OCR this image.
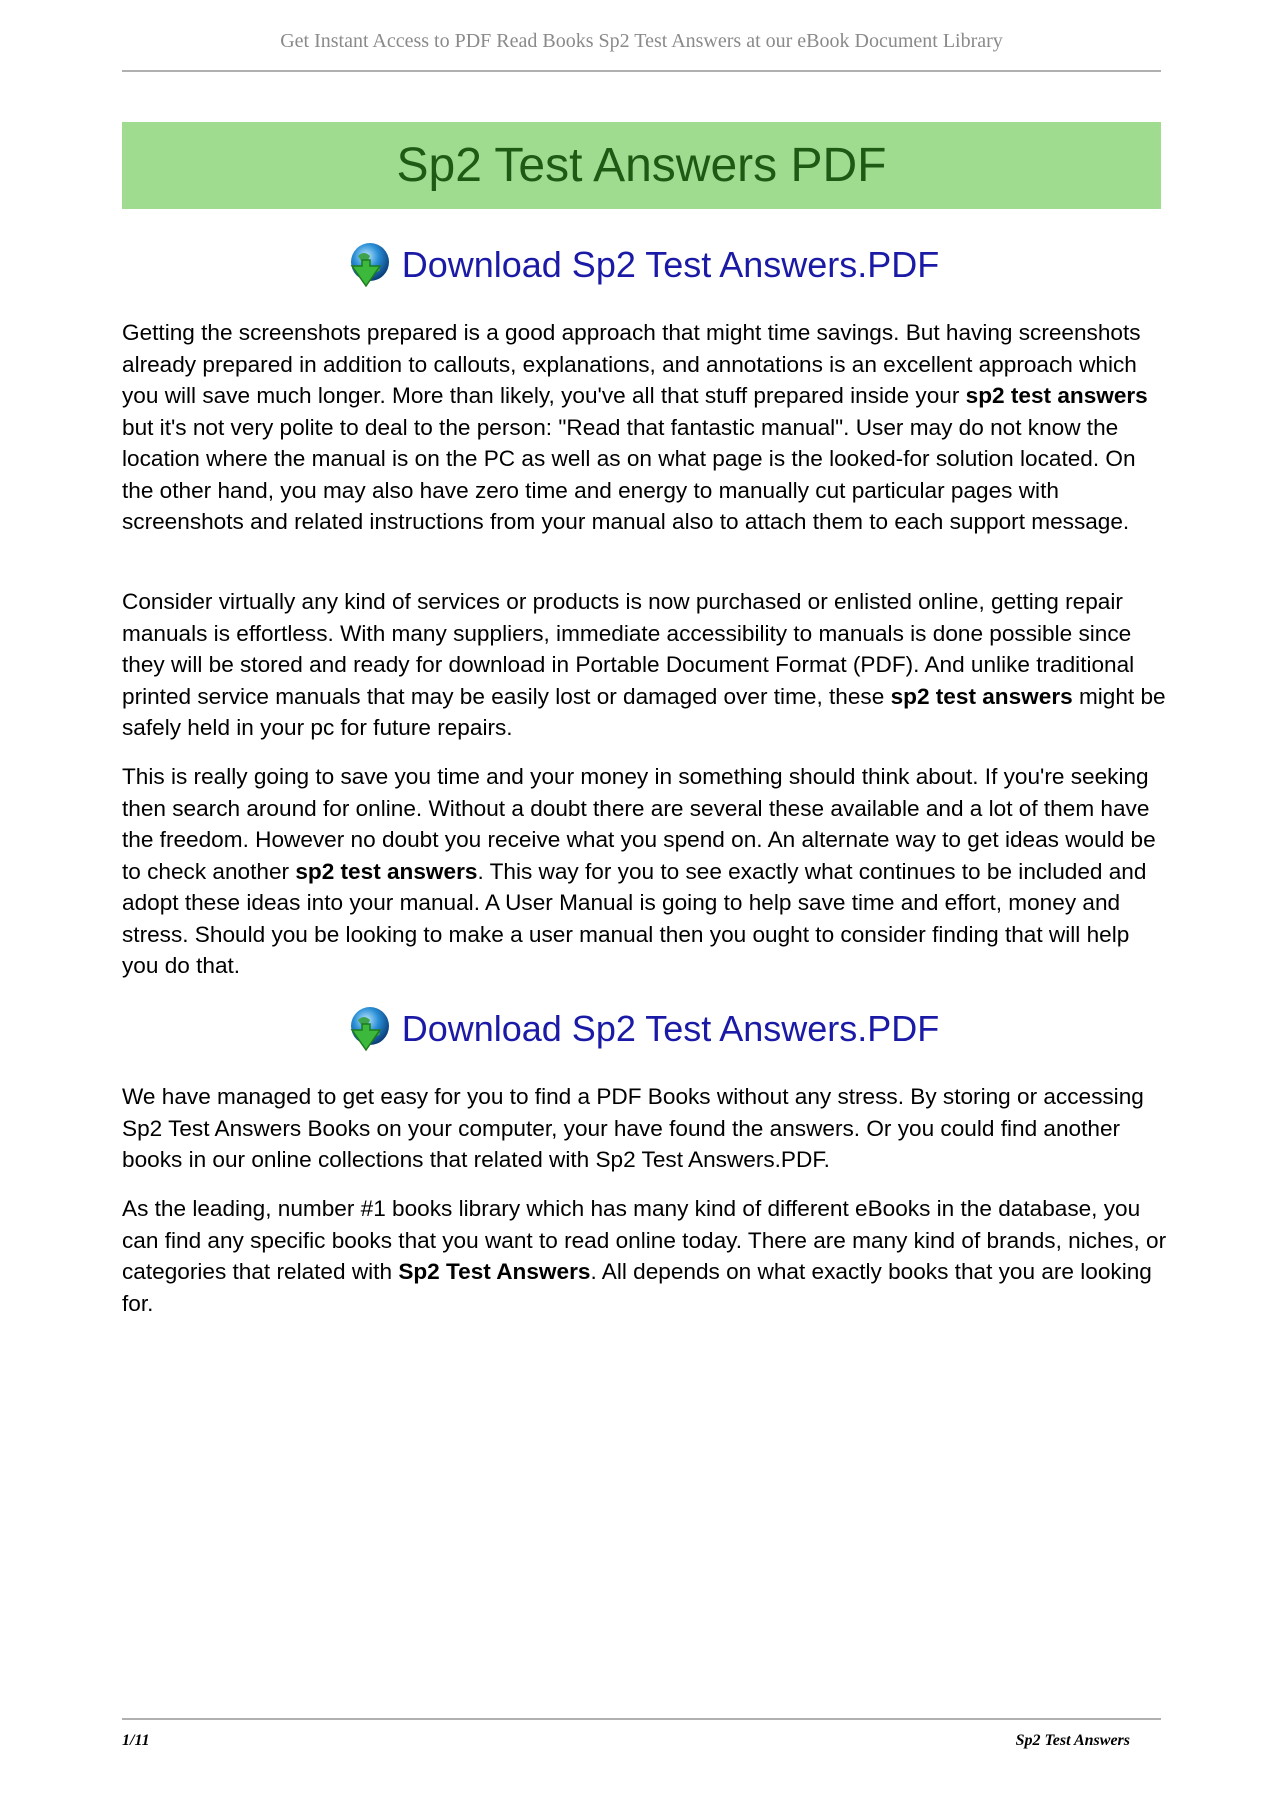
Get Instant Access to PDF Read Books Sp2 Test Answers at our eBook Document Library
Sp2 Test Answers PDF
Download Sp2 Test Answers.PDF

Getting the screenshots prepared is a good approach that might time savings. But having screenshots already prepared in addition to callouts, explanations, and annotations is an excellent approach which you will save much longer. More than likely, you've all that stuff prepared inside your sp2 test answers but it's not very polite to deal to the person: "Read that fantastic manual". User may do not know the location where the manual is on the PC as well as on what page is the looked-for solution located. On the other hand, you may also have zero time and energy to manually cut particular pages with screenshots and related instructions from your manual also to attach them to each support message.

Consider virtually any kind of services or products is now purchased or enlisted online, getting repair manuals is effortless. With many suppliers, immediate accessibility to manuals is done possible since they will be stored and ready for download in Portable Document Format (PDF). And unlike traditional printed service manuals that may be easily lost or damaged over time, these sp2 test answers might be safely held in your pc for future repairs.

This is really going to save you time and your money in something should think about. If you're seeking then search around for online. Without a doubt there are several these available and a lot of them have the freedom. However no doubt you receive what you spend on. An alternate way to get ideas would be to check another sp2 test answers. This way for you to see exactly what continues to be included and adopt these ideas into your manual. A User Manual is going to help save time and effort, money and stress. Should you be looking to make a user manual then you ought to consider finding that will help you do that.

Download Sp2 Test Answers.PDF

We have managed to get easy for you to find a PDF Books without any stress. By storing or accessing Sp2 Test Answers Books on your computer, your have found the answers. Or you could find another books in our online collections that related with Sp2 Test Answers.PDF.

As the leading, number #1 books library which has many kind of different eBooks in the database, you can find any specific books that you want to read online today. There are many kind of brands, niches, or categories that related with Sp2 Test Answers. All depends on what exactly books that you are looking for.

1/11	Sp2 Test Answers
